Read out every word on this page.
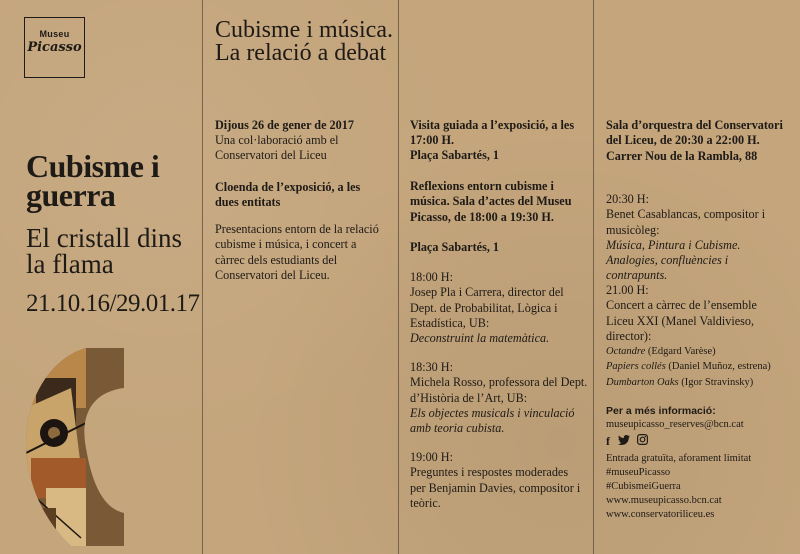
Museu
Picasso
Cubisme i guerra
El cristall dins la flama
21.10.16/29.01.17
Cubisme i música. La relació a debat
Dijous 26 de gener de 2017
Una col·laboració amb el Conservatori del Liceu
Cloenda de l’exposició, a les dues entitats
Presentacions entorn de la relació cubisme i música, i concert a càrrec dels estudiants del Conservatori del Liceu.
Visita guiada a l’exposició, a les 17:00 H.
Plaça Sabartés, 1
Reflexions entorn cubisme i música. Sala d’actes del Museu Picasso, de 18:00 a 19:30 H.
Plaça Sabartés, 1
18:00 H:
Josep Pla i Carrera, director del Dept. de Probabilitat, Lògica i Estadística, UB:
Deconstruint la matemàtica.
18:30 H:
Michela Rosso, professora del Dept. d’Història de l’Art, UB:
Els objectes musicals i vinculació amb teoria cubista.
19:00 H:
Preguntes i respostes moderades per Benjamin Davies, compositor i teòric.
Sala d’orquestra del Conservatori del Liceu, de 20:30 a 22:00 H. Carrer Nou de la Rambla, 88
20:30 H:
Benet Casablancas, compositor i musicòleg:
Música, Pintura i Cubisme. Analogies, confluències i contrapunts.
21.00 H:
Concert a càrrec de l’ensemble Liceu XXI (Manel Valdivieso, director):
Octandre (Edgard Varèse)
Papiers collés (Daniel Muñoz, estrena)
Dumbarton Oaks (Igor Stravinsky)
Per a més informació:
museupicasso_reserves@bcn.cat
f
Entrada gratuïta, aforament limitat
#museuPicasso
#CubismeiGuerra
www.museupicasso.bcn.cat
www.conservatoriliceu.es
